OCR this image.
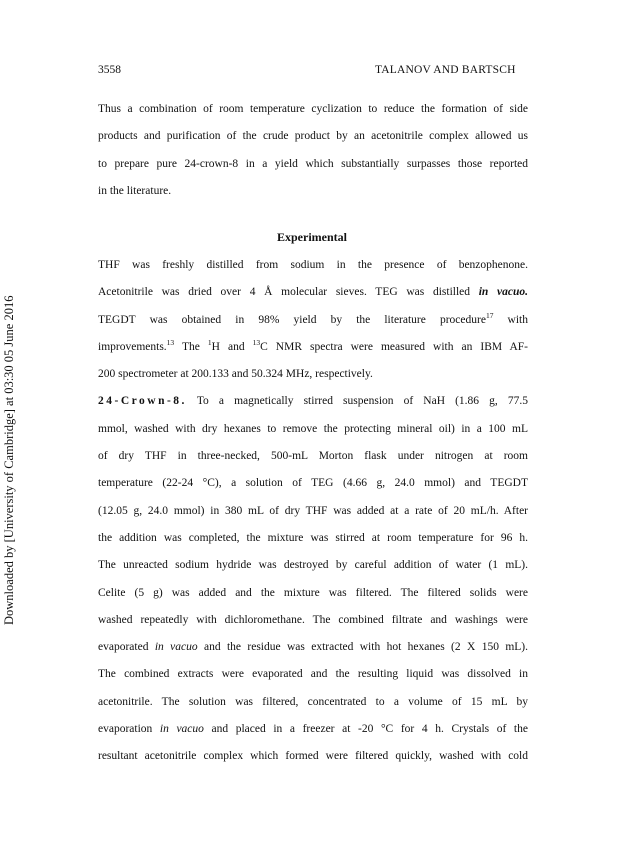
3558	TALANOV AND BARTSCH
Downloaded by [University of Cambridge] at 03:30 05 June 2016
Thus a combination of room temperature cyclization to reduce the formation of side
products and purification of the crude product by an acetonitrile complex allowed us
to prepare pure 24-crown-8 in a yield which substantially surpasses those reported
in the literature.
Experimental
THF was freshly distilled from sodium in the presence of benzophenone.
Acetonitrile was dried over 4 Å molecular sieves. TEG was distilled in vacuo.
TEGDT was obtained in 98% yield by the literature procedure$^{17}$ with
improvements.$^{13}$ The $^1$H and $^{13}$C NMR spectra were measured with an IBM AF-
200 spectrometer at 200.133 and 50.324 MHz, respectively.
24-Crown-8. To a magnetically stirred suspension of NaH (1.86 g, 77.5
mmol, washed with dry hexanes to remove the protecting mineral oil) in a 100 mL
of dry THF in three-necked, 500-mL Morton flask under nitrogen at room
temperature (22-24 °C), a solution of TEG (4.66 g, 24.0 mmol) and TEGDT
(12.05 g, 24.0 mmol) in 380 mL of dry THF was added at a rate of 20 mL/h. After
the addition was completed, the mixture was stirred at room temperature for 96 h.
The unreacted sodium hydride was destroyed by careful addition of water (1 mL).
Celite (5 g) was added and the mixture was filtered. The filtered solids were
washed repeatedly with dichloromethane. The combined filtrate and washings were
evaporated in vacuo and the residue was extracted with hot hexanes (2 X 150 mL).
The combined extracts were evaporated and the resulting liquid was dissolved in
acetonitrile. The solution was filtered, concentrated to a volume of 15 mL by
evaporation in vacuo and placed in a freezer at -20 °C for 4 h. Crystals of the
resultant acetonitrile complex which formed were filtered quickly, washed with cold
